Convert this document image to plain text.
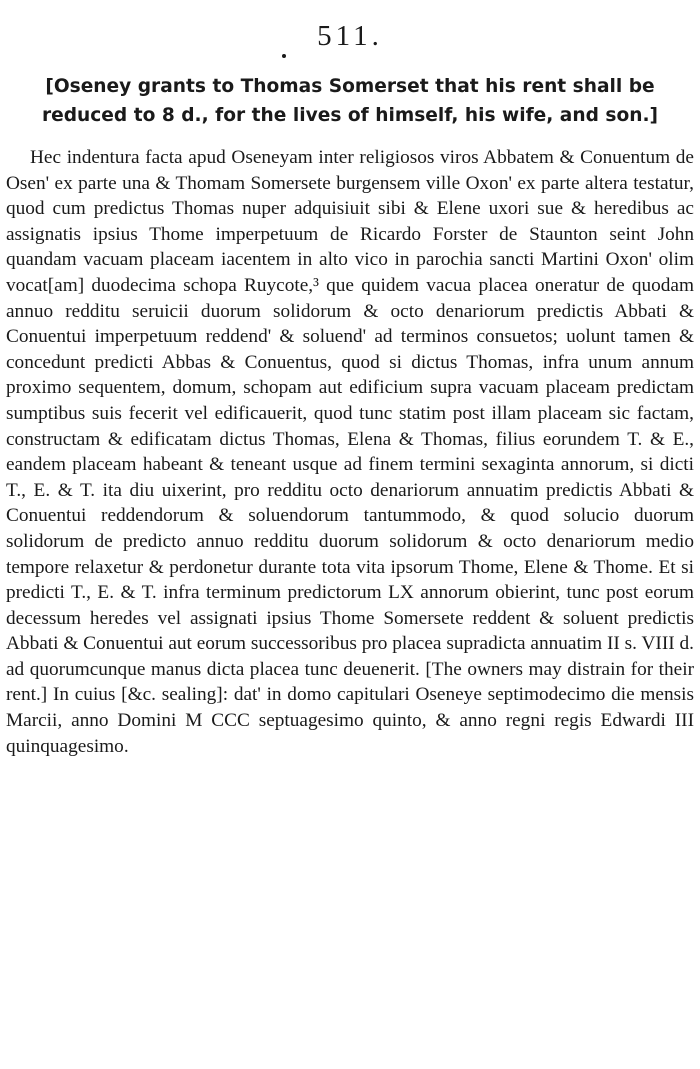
511.

[Oseney grants to Thomas Somerset that his rent shall be reduced to 8 d., for the lives of himself, his wife, and son.]

Hec indentura facta apud Oseneyam inter religiosos viros Abbatem & Conuentum de Osen' ex parte una & Thomam Somersete burgensem ville Oxon' ex parte altera testatur, quod cum predictus Thomas nuper adquisiuit sibi & Elene uxori sue & heredibus ac assignatis ipsius Thome imperpetuum de Ricardo Forster de Staunton seint John quandam vacuam placeam iacentem in alto vico in parochia sancti Martini Oxon' olim vocat[am] duodecima schopa Ruycote,³ que quidem vacua placea oneratur de quodam annuo redditu seruicii duorum solidorum & octo denariorum predictis Abbati & Conuentui imperpetuum reddend' & soluend' ad terminos consuetos; uolunt tamen & concedunt predicti Abbas & Conuentus, quod si dictus Thomas, infra unum annum proximo sequentem, domum, schopam aut edificium supra vacuam placeam predictam sumptibus suis fecerit vel edificauerit, quod tunc statim post illam placeam sic factam, constructam & edificatam dictus Thomas, Elena & Thomas, filius eorundem T. & E., eandem placeam habeant & teneant usque ad finem termini sexaginta annorum, si dicti T., E. & T. ita diu uixerint, pro redditu octo denariorum annuatim predictis Abbati & Conuentui reddendorum & soluendorum tantummodo, & quod solucio duorum solidorum de predicto annuo redditu duorum solidorum & octo denariorum medio tempore relaxetur & perdonetur durante tota vita ipsorum Thome, Elene & Thome. Et si predicti T., E. & T. infra terminum predictorum LX annorum obierint, tunc post eorum decessum heredes vel assignati ipsius Thome Somersete reddent & soluent predictis Abbati & Conuentui aut eorum successoribus pro placea supradicta annuatim II s. VIII d. ad quorumcunque manus dicta placea tunc deuenerit. [The owners may distrain for their rent.] In cuius [&c. sealing]: dat' in domo capitulari Oseneye septimodecimo die mensis Marcii, anno Domini M CCC septuagesimo quinto, & anno regni regis Edwardi III quinquagesimo.
